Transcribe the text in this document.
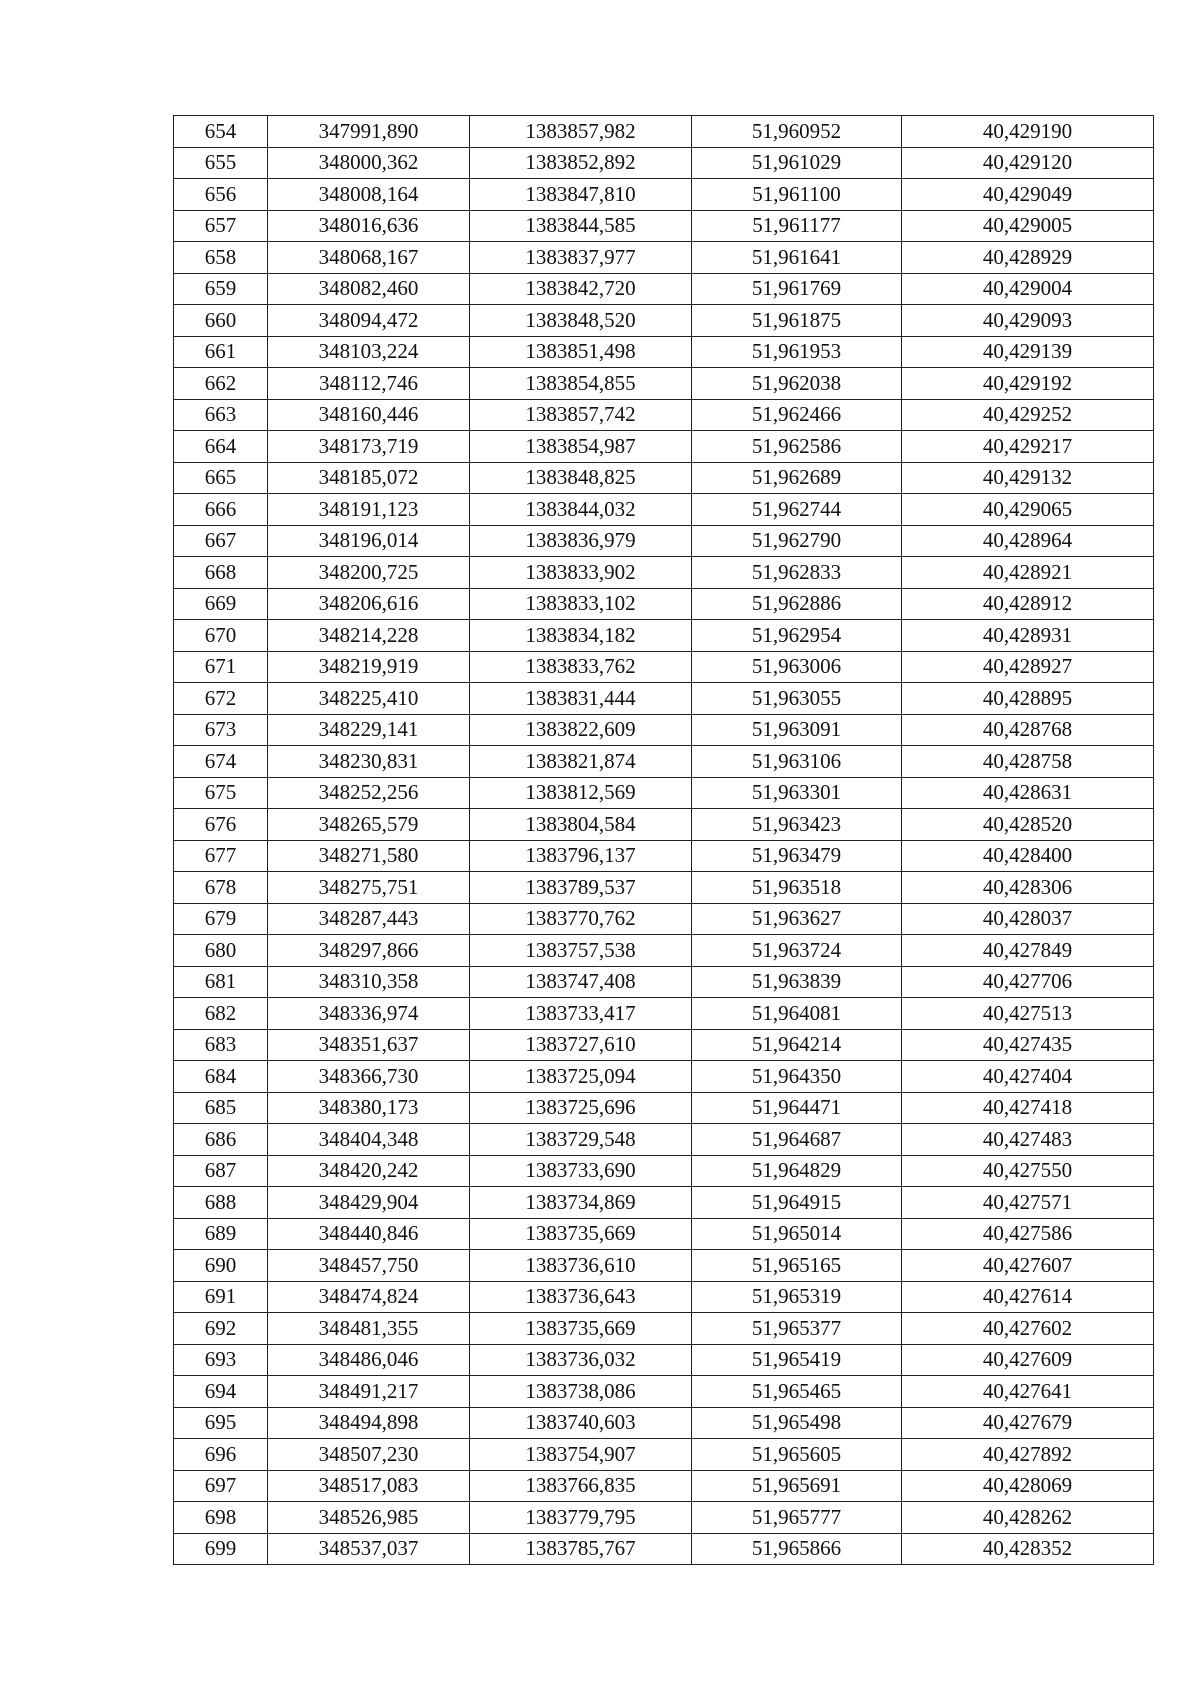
654	347991,890	1383857,982	51,960952	40,429190
655	348000,362	1383852,892	51,961029	40,429120
656	348008,164	1383847,810	51,961100	40,429049
657	348016,636	1383844,585	51,961177	40,429005
658	348068,167	1383837,977	51,961641	40,428929
659	348082,460	1383842,720	51,961769	40,429004
660	348094,472	1383848,520	51,961875	40,429093
661	348103,224	1383851,498	51,961953	40,429139
662	348112,746	1383854,855	51,962038	40,429192
663	348160,446	1383857,742	51,962466	40,429252
664	348173,719	1383854,987	51,962586	40,429217
665	348185,072	1383848,825	51,962689	40,429132
666	348191,123	1383844,032	51,962744	40,429065
667	348196,014	1383836,979	51,962790	40,428964
668	348200,725	1383833,902	51,962833	40,428921
669	348206,616	1383833,102	51,962886	40,428912
670	348214,228	1383834,182	51,962954	40,428931
671	348219,919	1383833,762	51,963006	40,428927
672	348225,410	1383831,444	51,963055	40,428895
673	348229,141	1383822,609	51,963091	40,428768
674	348230,831	1383821,874	51,963106	40,428758
675	348252,256	1383812,569	51,963301	40,428631
676	348265,579	1383804,584	51,963423	40,428520
677	348271,580	1383796,137	51,963479	40,428400
678	348275,751	1383789,537	51,963518	40,428306
679	348287,443	1383770,762	51,963627	40,428037
680	348297,866	1383757,538	51,963724	40,427849
681	348310,358	1383747,408	51,963839	40,427706
682	348336,974	1383733,417	51,964081	40,427513
683	348351,637	1383727,610	51,964214	40,427435
684	348366,730	1383725,094	51,964350	40,427404
685	348380,173	1383725,696	51,964471	40,427418
686	348404,348	1383729,548	51,964687	40,427483
687	348420,242	1383733,690	51,964829	40,427550
688	348429,904	1383734,869	51,964915	40,427571
689	348440,846	1383735,669	51,965014	40,427586
690	348457,750	1383736,610	51,965165	40,427607
691	348474,824	1383736,643	51,965319	40,427614
692	348481,355	1383735,669	51,965377	40,427602
693	348486,046	1383736,032	51,965419	40,427609
694	348491,217	1383738,086	51,965465	40,427641
695	348494,898	1383740,603	51,965498	40,427679
696	348507,230	1383754,907	51,965605	40,427892
697	348517,083	1383766,835	51,965691	40,428069
698	348526,985	1383779,795	51,965777	40,428262
699	348537,037	1383785,767	51,965866	40,428352
